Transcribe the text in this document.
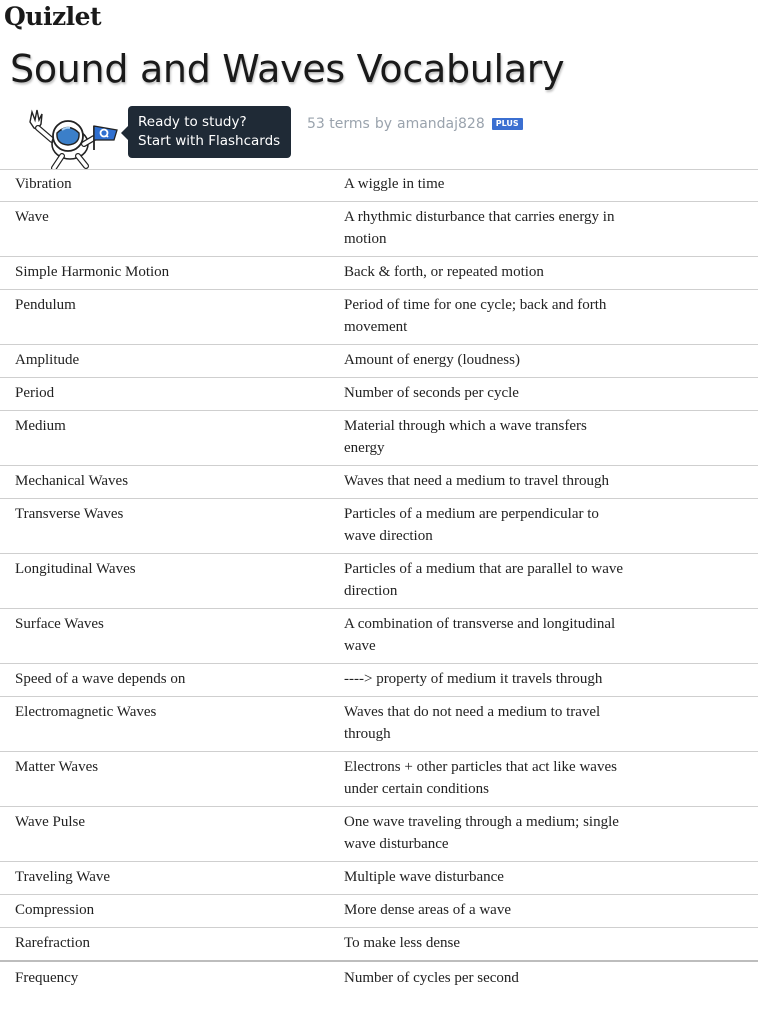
Quizlet
Sound and Waves Vocabulary
Ready to study?
Start with Flashcards
53 terms by amandaj828	PLUS
Vibration	A wiggle in time
Wave	A rhythmic disturbance that carries energy in motion
Simple Harmonic Motion	Back & forth, or repeated motion
Pendulum	Period of time for one cycle; back and forth movement
Amplitude	Amount of energy (loudness)
Period	Number of seconds per cycle
Medium	Material through which a wave transfers energy
Mechanical Waves	Waves that need a medium to travel through
Transverse Waves	Particles of a medium are perpendicular to wave direction
Longitudinal Waves	Particles of a medium that are parallel to wave direction
Surface Waves	A combination of transverse and longitudinal wave
Speed of a wave depends on	----> property of medium it travels through
Electromagnetic Waves	Waves that do not need a medium to travel through
Matter Waves	Electrons + other particles that act like waves under certain conditions
Wave Pulse	One wave traveling through a medium; single wave disturbance
Traveling Wave	Multiple wave disturbance
Compression	More dense areas of a wave
Rarefraction	To make less dense
Frequency	Number of cycles per second
